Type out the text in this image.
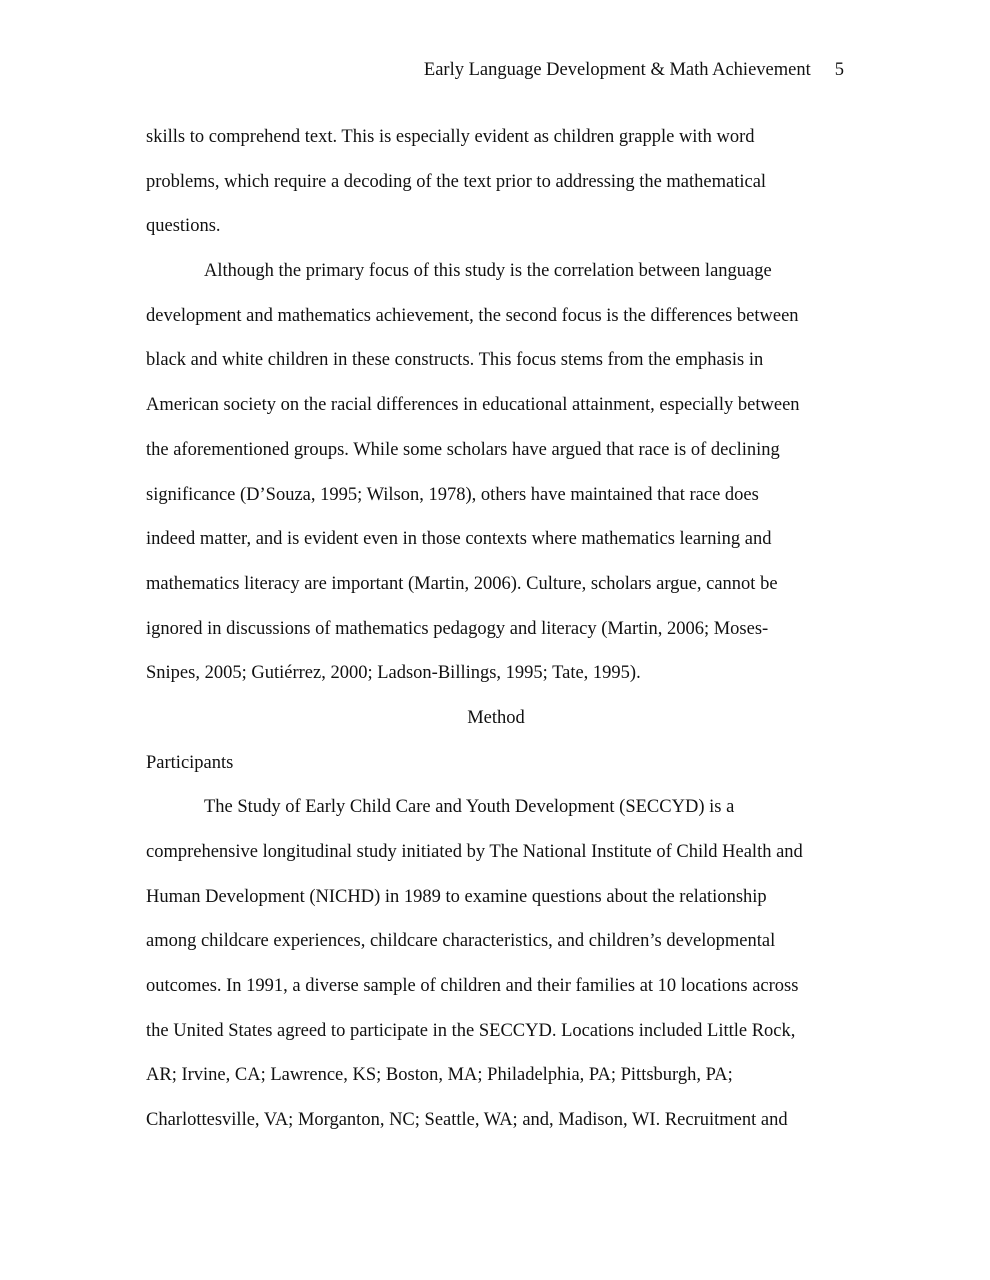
Early Language Development & Math Achievement 5
skills to comprehend text. This is especially evident as children grapple with word
problems, which require a decoding of the text prior to addressing the mathematical
questions.
Although the primary focus of this study is the correlation between language
development and mathematics achievement, the second focus is the differences between
black and white children in these constructs. This focus stems from the emphasis in
American society on the racial differences in educational attainment, especially between
the aforementioned groups. While some scholars have argued that race is of declining
significance (D’Souza, 1995; Wilson, 1978), others have maintained that race does
indeed matter, and is evident even in those contexts where mathematics learning and
mathematics literacy are important (Martin, 2006). Culture, scholars argue, cannot be
ignored in discussions of mathematics pedagogy and literacy (Martin, 2006; Moses-
Snipes, 2005; Gutiérrez, 2000; Ladson-Billings, 1995; Tate, 1995).
Method
Participants
The Study of Early Child Care and Youth Development (SECCYD) is a
comprehensive longitudinal study initiated by The National Institute of Child Health and
Human Development (NICHD) in 1989 to examine questions about the relationship
among childcare experiences, childcare characteristics, and children’s developmental
outcomes. In 1991, a diverse sample of children and their families at 10 locations across
the United States agreed to participate in the SECCYD. Locations included Little Rock,
AR; Irvine, CA; Lawrence, KS; Boston, MA; Philadelphia, PA; Pittsburgh, PA;
Charlottesville, VA; Morganton, NC; Seattle, WA; and, Madison, WI. Recruitment and
